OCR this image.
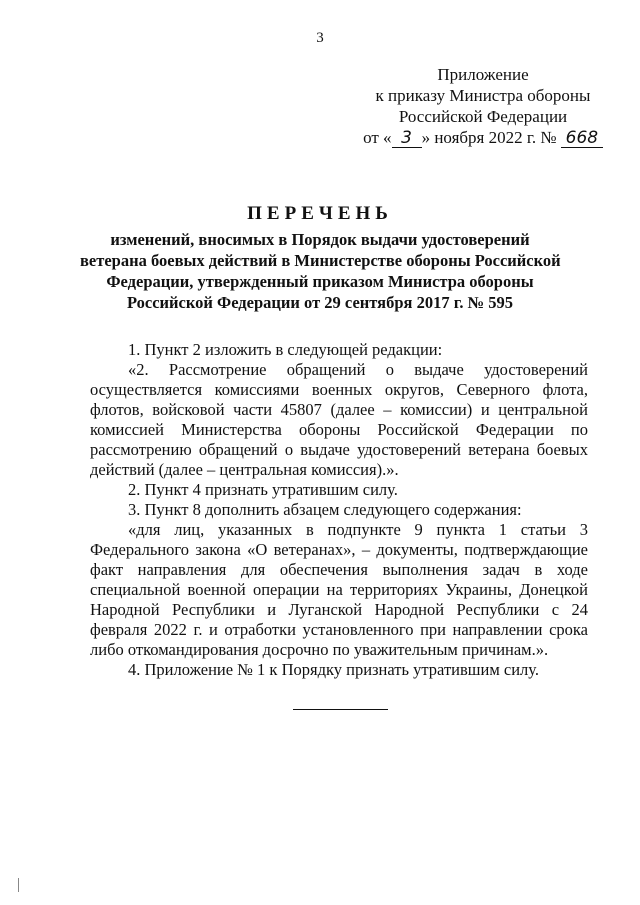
3
Приложение
к приказу Министра обороны
Российской Федерации
от « 3 » ноября 2022 г. № 668
ПЕРЕЧЕНЬ
изменений, вносимых в Порядок выдачи удостоверений
ветерана боевых действий в Министерстве обороны Российской
Федерации, утвержденный приказом Министра обороны
Российской Федерации от 29 сентября 2017 г. № 595

1. Пункт 2 изложить в следующей редакции:

«2. Рассмотрение обращений о выдаче удостоверений осуществляется комиссиями военных округов, Северного флота, флотов, войсковой части 45807 (далее – комиссии) и центральной комиссией Министерства обороны Российской Федерации по рассмотрению обращений о выдаче удостоверений ветерана боевых действий (далее – центральная комиссия).».

2. Пункт 4 признать утратившим силу.

3. Пункт 8 дополнить абзацем следующего содержания:

«для лиц, указанных в подпункте 9 пункта 1 статьи 3 Федерального закона «О ветеранах», – документы, подтверждающие факт направления для обеспечения выполнения задач в ходе специальной военной операции на территориях Украины, Донецкой Народной Республики и Луганской Народной Республики с 24 февраля 2022 г. и отработки установленного при направлении срока либо откомандирования досрочно по уважительным причинам.».

4. Приложение № 1 к Порядку признать утратившим силу.
